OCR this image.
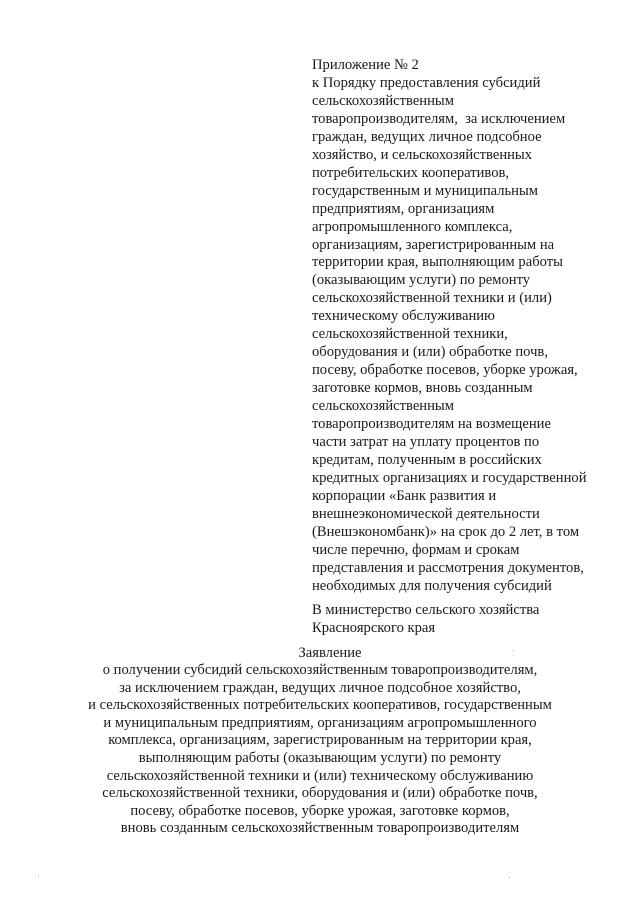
Приложение № 2
к Порядку предоставления субсидий
сельскохозяйственным
товаропроизводителям,  за исключением
граждан, ведущих личное подсобное
хозяйство, и сельскохозяйственных
потребительских кооперативов,
государственным и муниципальным
предприятиям, организациям
агропромышленного комплекса,
организациям, зарегистрированным на
территории края, выполняющим работы
(оказывающим услуги) по ремонту
сельскохозяйственной техники и (или)
техническому обслуживанию
сельскохозяйственной техники,
оборудования и (или) обработке почв,
посеву, обработке посевов, уборке урожая,
заготовке кормов, вновь созданным
сельскохозяйственным
товаропроизводителям на возмещение
части затрат на уплату процентов по
кредитам, полученным в российских
кредитных организациях и государственной
корпорации «Банк развития и
внешнеэкономической деятельности
(Внешэкономбанк)» на срок до 2 лет, в том
числе перечню, формам и срокам
представления и рассмотрения документов,
необходимых для получения субсидий
В министерство сельского хозяйства
Красноярского края
Заявление
о получении субсидий сельскохозяйственным товаропроизводителям,
за исключением граждан, ведущих личное подсобное хозяйство,
и сельскохозяйственных потребительских кооперативов, государственным
и муниципальным предприятиям, организациям агропромышленного
комплекса, организациям, зарегистрированным на территории края,
выполняющим работы (оказывающим услуги) по ремонту
сельскохозяйственной техники и (или) техническому обслуживанию
сельскохозяйственной техники, оборудования и (или) обработке почв,
посеву, обработке посевов, уборке урожая, заготовке кормов,
вновь созданным сельскохозяйственным товаропроизводителям
